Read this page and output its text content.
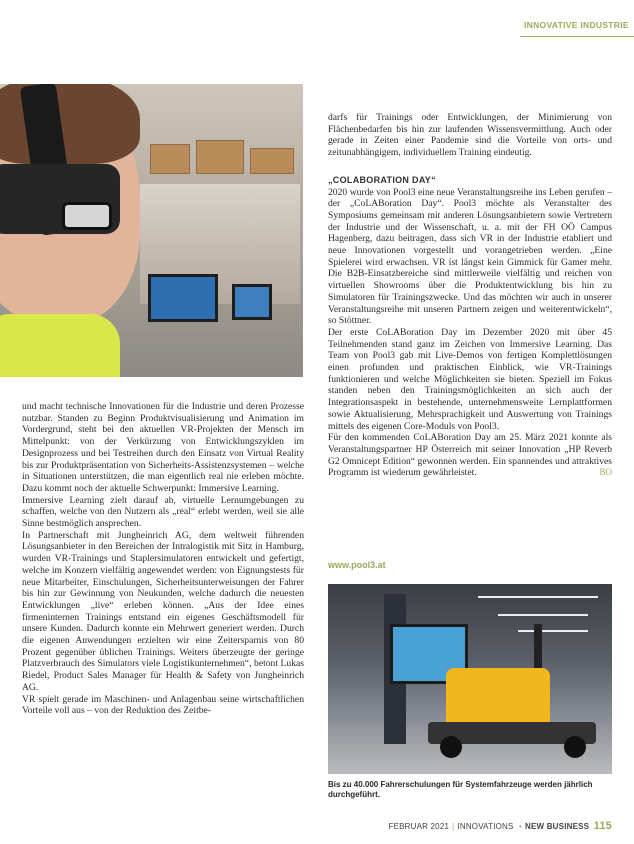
INNOVATIVE INDUSTRIE

und macht technische Innovationen für die Industrie und deren Prozesse nutzbar. Standen zu Beginn Produktvisualisierung und Animation im Vordergrund, steht bei den aktuellen VR-Projekten der Mensch im Mittelpunkt: von der Verkürzung von Entwicklungszyklen im Designprozess und bei Testreihen durch den Einsatz von Virtual Reality bis zur Produktpräsentation von Sicherheits-Assistenzsystemen – welche in Situationen unterstützen, die man eigentlich real nie erleben möchte. Dazu kommt noch der aktuelle Schwerpunkt: Immersive Learning.

Immersive Learning zielt darauf ab, virtuelle Lernumgebungen zu schaffen, welche von den Nutzern als „real“ erlebt werden, weil sie alle Sinne bestmöglich ansprechen.

In Partnerschaft mit Jungheinrich AG, dem weltweit führenden Lösungsanbieter in den Bereichen der Intralogistik mit Sitz in Hamburg, wurden VR-Trainings und Staplersimulatoren entwickelt und gefertigt, welche im Konzern vielfältig angewendet werden: von Eignungstests für neue Mitarbeiter, Einschulungen, Sicherheitsunterweisungen der Fahrer bis hin zur Gewinnung von Neukunden, welche dadurch die neuesten Entwicklungen „live“ erleben können. „Aus der Idee eines firmeninternen Trainings entstand ein eigenes Geschäftsmodell für unsere Kunden. Dadurch konnte ein Mehrwert generiert werden. Durch die eigenen Anwendungen erzielten wir eine Zeitersparnis von 80 Prozent gegenüber üblichen Trainings. Weiters überzeugte der geringe Platzverbrauch des Simulators viele Logistikunternehmen“, betont Lukas Riedel, Product Sales Manager für Health & Safety von Jungheinrich AG.

VR spielt gerade im Maschinen- und Anlagenbau seine wirtschaftlichen Vorteile voll aus – von der Reduktion des Zeitbe-

darfs für Trainings oder Entwicklungen, der Minimierung von Flächenbedarfen bis hin zur laufenden Wissensvermittlung. Auch oder gerade in Zeiten einer Pandemie sind die Vorteile von orts- und zeitunabhängigem, individuellem Training eindeutig.

„COLABORATION DAY“

2020 wurde von Pool3 eine neue Veranstaltungsreihe ins Leben gerufen – der „CoLABoration Day“. Pool3 möchte als Veranstalter des Symposiums gemeinsam mit anderen Lösungsanbietern sowie Vertretern der Industrie und der Wissenschaft, u. a. mit der FH OÖ Campus Hagenberg, dazu beitragen, dass sich VR in der Industrie etabliert und neue Innovationen vorgestellt und vorangetrieben werden. „Eine Spielerei wird erwachsen. VR ist längst kein Gimmick für Gamer mehr. Die B2B-Einsatzbereiche sind mittlerweile vielfältig und reichen von virtuellen Showrooms über die Produktentwicklung bis hin zu Simulatoren für Trainingszwecke. Und das möchten wir auch in unserer Veranstaltungsreihe mit unseren Partnern zeigen und weiterentwickeln“, so Stöttner.

Der erste CoLABoration Day im Dezember 2020 mit über 45 Teilnehmenden stand ganz im Zeichen von Immersive Learning. Das Team von Pool3 gab mit Live-Demos von fertigen Komplettlösungen einen profunden und praktischen Einblick, wie VR-Trainings funktionieren und welche Möglichkeiten sie bieten. Speziell im Fokus standen neben den Trainingsmöglichkeiten an sich auch der Integrationsaspekt in bestehende, unternehmensweite Lernplattformen sowie Aktualisierung, Mehrsprachigkeit und Auswertung von Trainings mittels des eigenen Core-Moduls von Pool3.

Für den kommenden CoLABoration Day am 25. März 2021 konnte als Veranstaltungspartner HP Österreich mit seiner Innovation „HP Reverb G2 Omnicept Edition“ gewonnen werden. Ein spannendes und attraktives Programm ist wiederum gewährleistet.	BO

www.pool3.at
Bis zu 40.000 Fahrerschulungen für Systemfahrzeuge werden jährlich durchgeführt.
FEBRUAR 2021 | INNOVATIONS • NEW BUSINESS 115
